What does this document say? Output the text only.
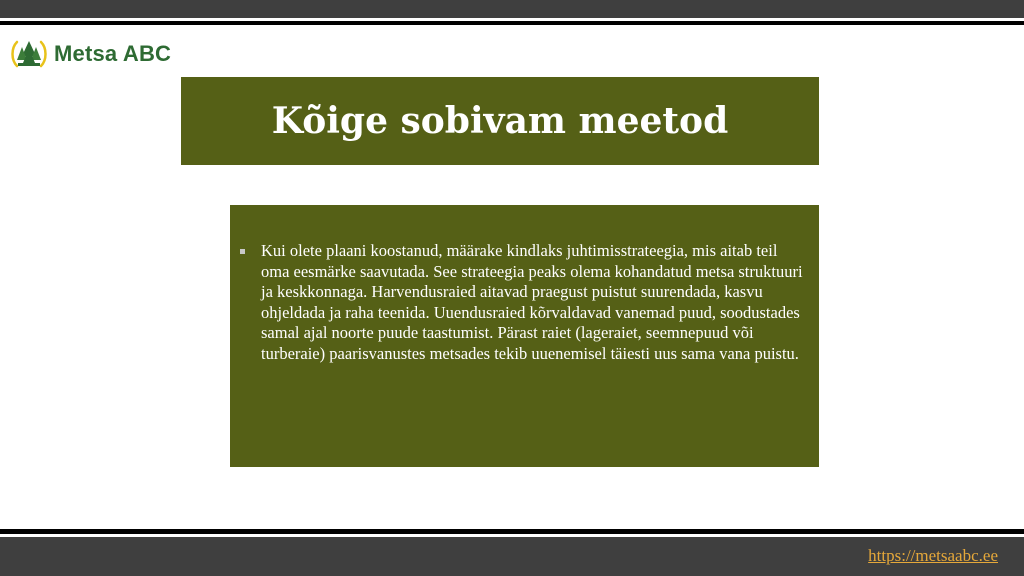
Metsa ABC
Kõige sobivam meetod
Kui olete plaani koostanud, määrake kindlaks juhtimisstrateegia, mis aitab teil oma eesmärke saavutada. See strateegia peaks olema kohandatud metsa struktuuri ja keskkonnaga. Harvendusraied aitavad praegust puistut suurendada, kasvu ohjeldada ja raha teenida. Uuendusraied kõrvaldavad vanemad puud, soodustades samal ajal noorte puude taastumist. Pärast raiet (lageraiet, seemnepuud või turberaie) paarisvanustes metsades tekib uuenemisel täiesti uus sama vana puistu.
https://metsaabc.ee
